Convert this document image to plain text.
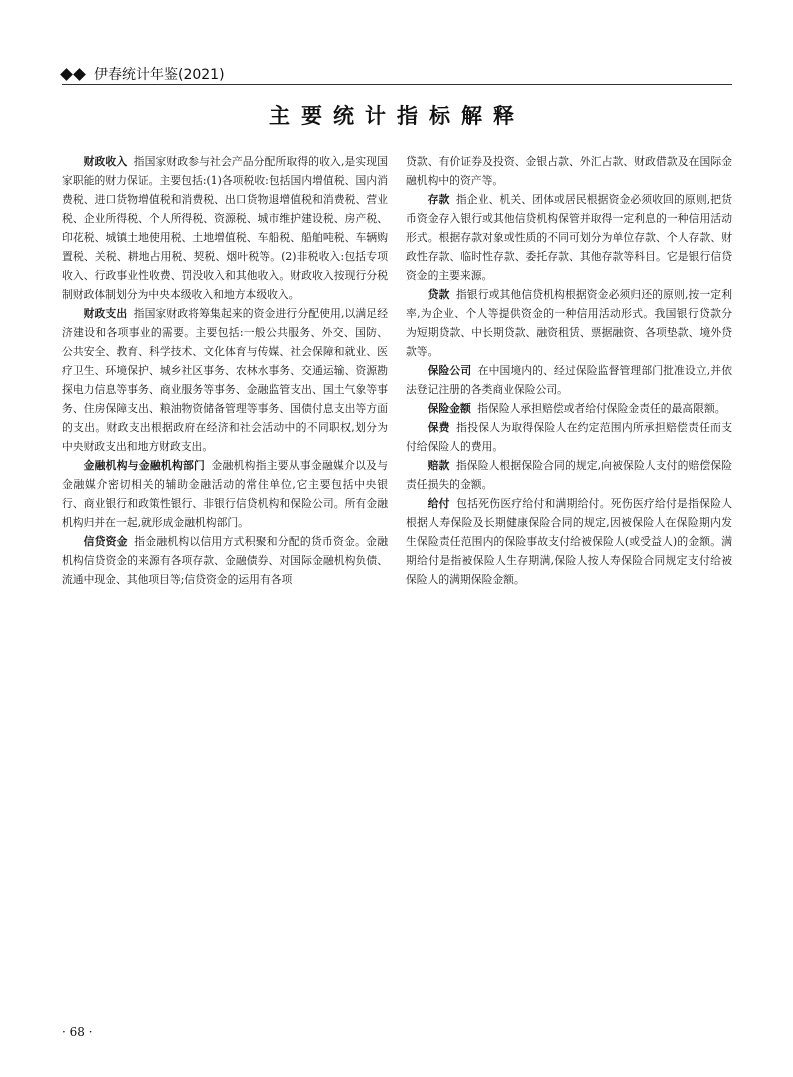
伊春统计年鉴(2021)
主要统计指标解释

财政收入 指国家财政参与社会产品分配所取得的收入,是实现国家职能的财力保证。主要包括:(1)各项税收:包括国内增值税、国内消费税、进口货物增值税和消费税、出口货物退增值税和消费税、营业税、企业所得税、个人所得税、资源税、城市维护建设税、房产税、印花税、城镇土地使用税、土地增值税、车船税、船舶吨税、车辆购置税、关税、耕地占用税、契税、烟叶税等。(2)非税收入:包括专项收入、行政事业性收费、罚没收入和其他收入。财政收入按现行分税制财政体制划分为中央本级收入和地方本级收入。

财政支出 指国家财政将筹集起来的资金进行分配使用,以满足经济建设和各项事业的需要。主要包括:一般公共服务、外交、国防、公共安全、教育、科学技术、文化体育与传媒、社会保障和就业、医疗卫生、环境保护、城乡社区事务、农林水事务、交通运输、资源勘探电力信息等事务、商业服务等事务、金融监管支出、国土气象等事务、住房保障支出、粮油物资储备管理等事务、国债付息支出等方面的支出。财政支出根据政府在经济和社会活动中的不同职权,划分为中央财政支出和地方财政支出。

金融机构与金融机构部门 金融机构指主要从事金融媒介以及与金融媒介密切相关的辅助金融活动的常住单位,它主要包括中央银行、商业银行和政策性银行、非银行信贷机构和保险公司。所有金融机构归并在一起,就形成金融机构部门。

信贷资金 指金融机构以信用方式积聚和分配的货币资金。金融机构信贷资金的来源有各项存款、金融债券、对国际金融机构负债、流通中现金、其他项目等;信贷资金的运用有各项

贷款、有价证券及投资、金银占款、外汇占款、财政借款及在国际金融机构中的资产等。

存款 指企业、机关、团体或居民根据资金必须收回的原则,把货币资金存入银行或其他信贷机构保管并取得一定利息的一种信用活动形式。根据存款对象或性质的不同可划分为单位存款、个人存款、财政性存款、临时性存款、委托存款、其他存款等科目。它是银行信贷资金的主要来源。

贷款 指银行或其他信贷机构根据资金必须归还的原则,按一定利率,为企业、个人等提供资金的一种信用活动形式。我国银行贷款分为短期贷款、中长期贷款、融资租赁、票据融资、各项垫款、境外贷款等。

保险公司 在中国境内的、经过保险监督管理部门批准设立,并依法登记注册的各类商业保险公司。

保险金额 指保险人承担赔偿或者给付保险金责任的最高限额。

保费 指投保人为取得保险人在约定范围内所承担赔偿责任而支付给保险人的费用。

赔款 指保险人根据保险合同的规定,向被保险人支付的赔偿保险责任损失的金额。

给付 包括死伤医疗给付和满期给付。死伤医疗给付是指保险人根据人寿保险及长期健康保险合同的规定,因被保险人在保险期内发生保险责任范围内的保险事故支付给被保险人(或受益人)的金额。满期给付是指被保险人生存期满,保险人按人寿保险合同规定支付给被保险人的满期保险金额。

· 68 ·
